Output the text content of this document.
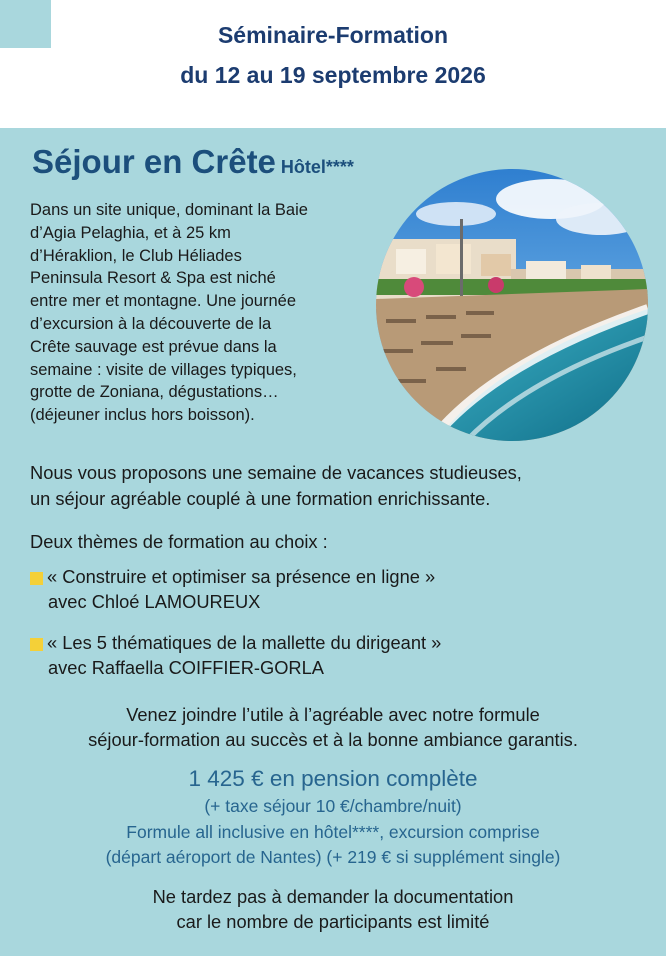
Séminaire-Formation
du 12 au 19 septembre 2026
Séjour en Crête Hôtel****
Dans un site unique, dominant la Baie
d’Agia Pelaghia, et à 25 km
d’Héraklion, le Club Héliades
Peninsula Resort & Spa est niché
entre mer et montagne. Une journée
d’excursion à la découverte de la
Crête sauvage est prévue dans la
semaine : visite de villages typiques,
grotte de Zoniana, dégustations…
(déjeuner inclus hors boisson).
Nous vous proposons une semaine de vacances studieuses,
un séjour agréable couplé à une formation enrichissante.
Deux thèmes de formation au choix :
« Construire et optimiser sa présence en ligne »
avec Chloé LAMOUREUX
« Les 5 thématiques de la mallette du dirigeant »
avec Raffaella COIFFIER-GORLA
Venez joindre l’utile à l’agréable avec notre formule
séjour-formation au succès et à la bonne ambiance garantis.
1 425 € en pension complète
(+ taxe séjour 10 €/chambre/nuit)
Formule all inclusive en hôtel****, excursion comprise
(départ aéroport de Nantes) (+ 219 € si supplément single)
Ne tardez pas à demander la documentation
car le nombre de participants est limité
